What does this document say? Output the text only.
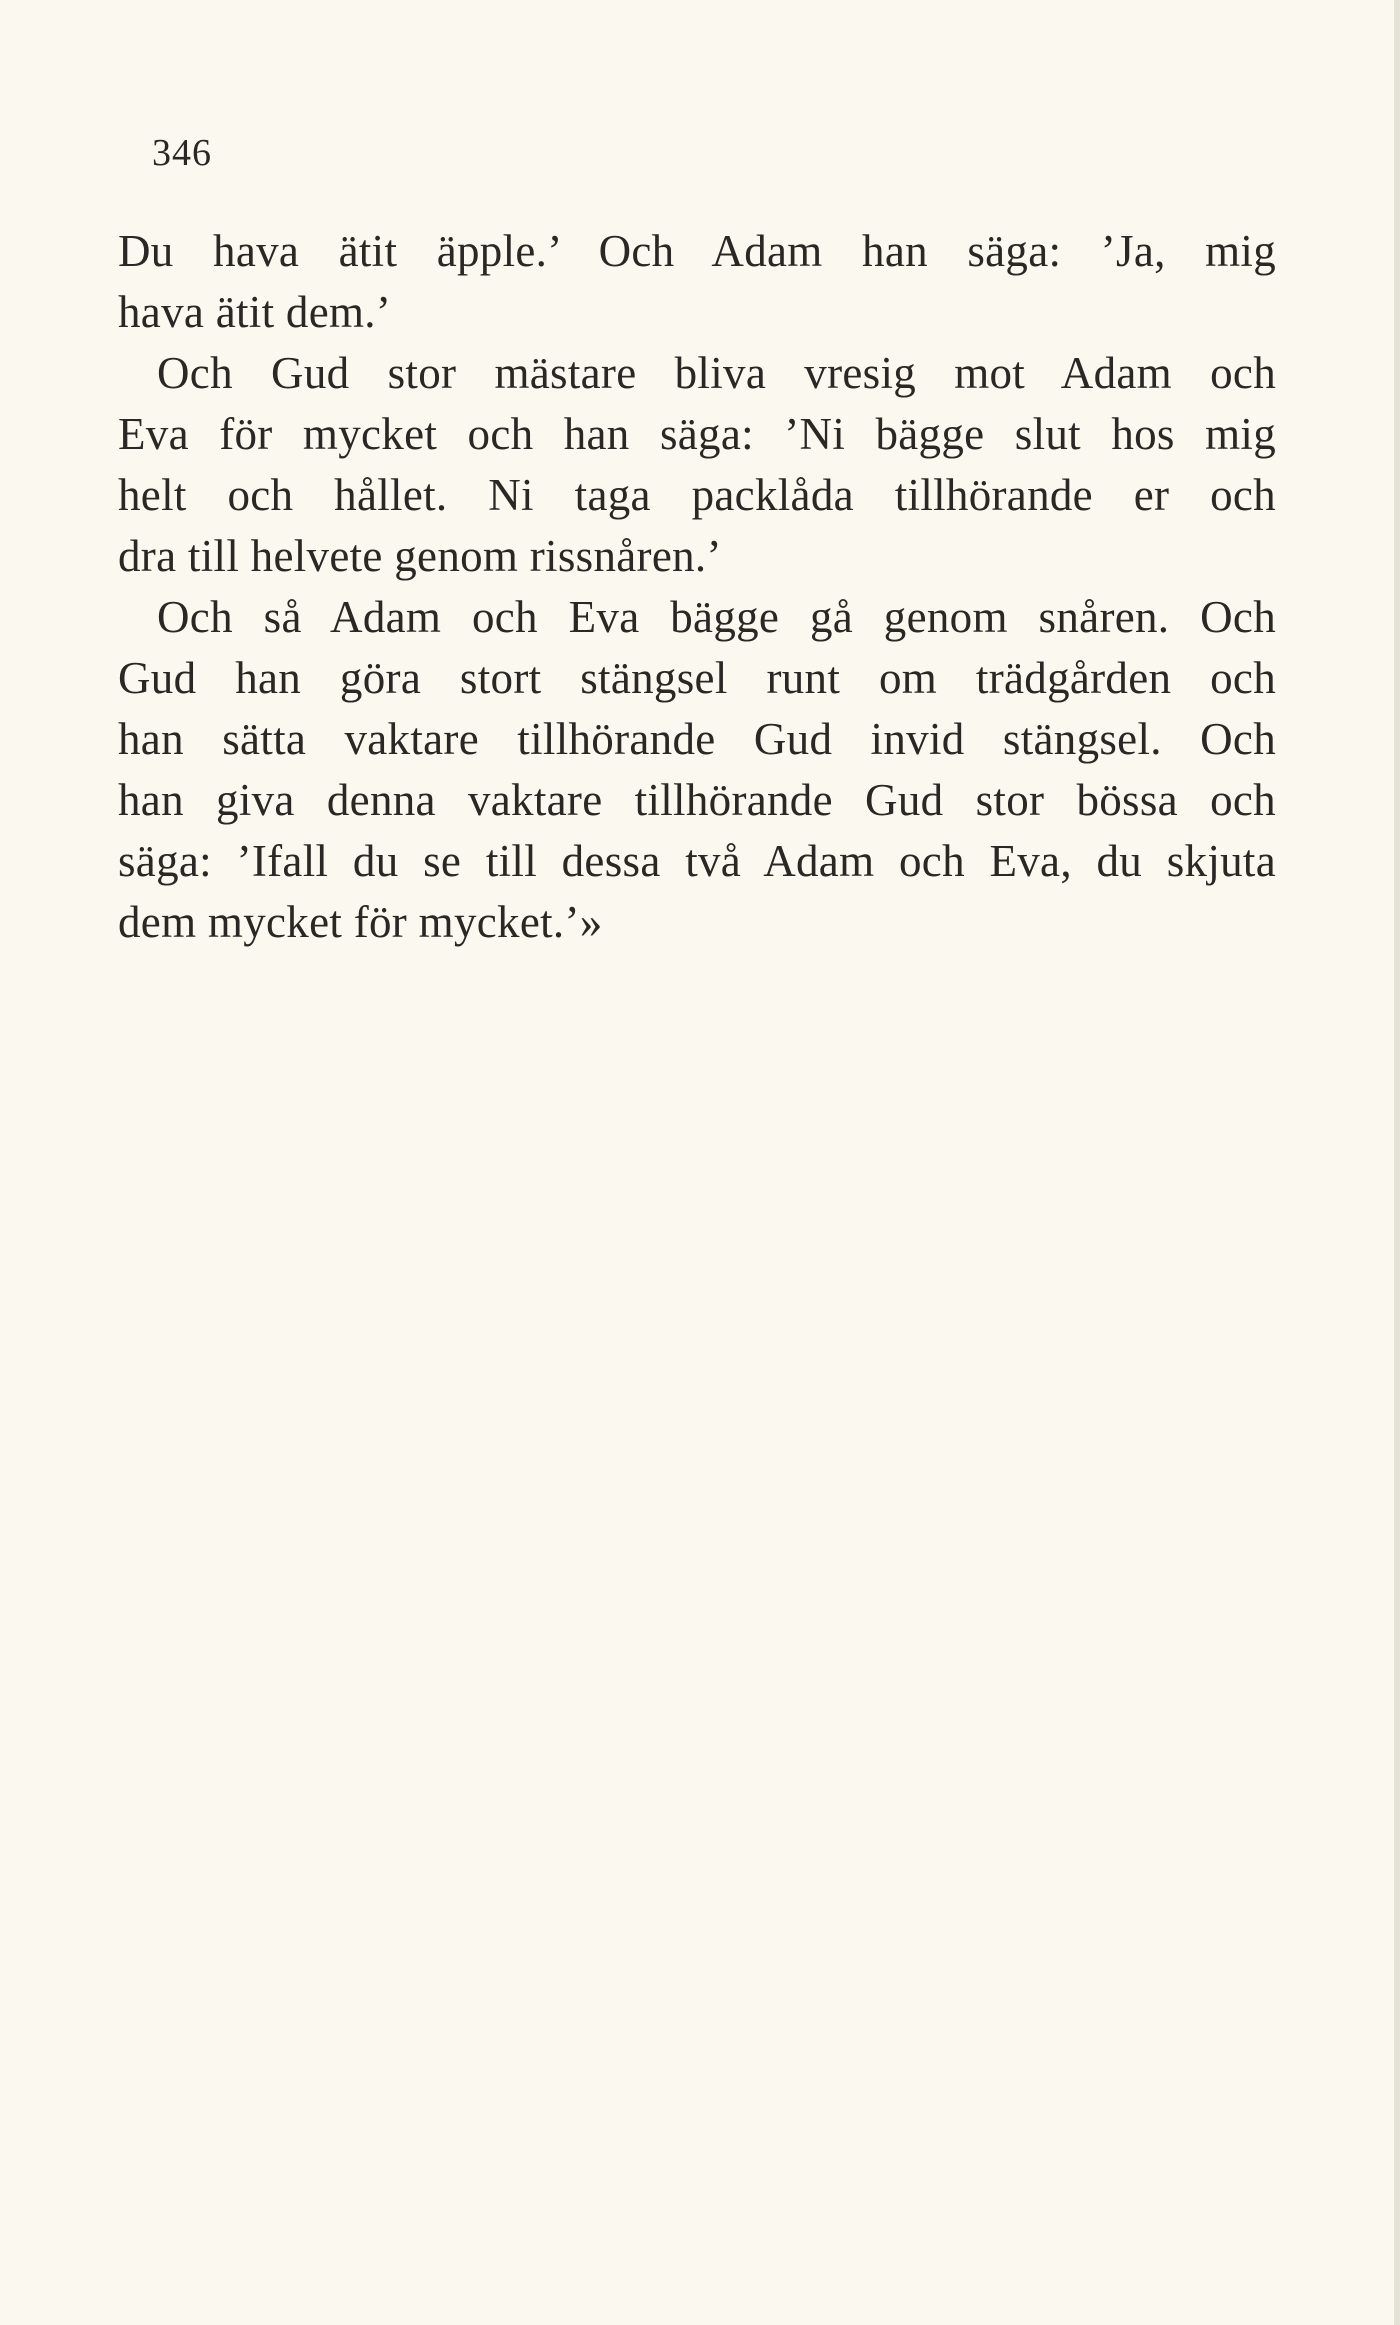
346
Du hava ätit äpple.’ Och Adam han säga: ’Ja, mig
hava ätit dem.’
Och Gud stor mästare bliva vresig mot Adam och
Eva för mycket och han säga: ’Ni bägge slut hos mig
helt och hållet. Ni taga packlåda tillhörande er och
dra till helvete genom rissnåren.’
Och så Adam och Eva bägge gå genom snåren. Och
Gud han göra stort stängsel runt om trädgården och
han sätta vaktare tillhörande Gud invid stängsel. Och
han giva denna vaktare tillhörande Gud stor bössa och
säga: ’Ifall du se till dessa två Adam och Eva, du skjuta
dem mycket för mycket.’»
